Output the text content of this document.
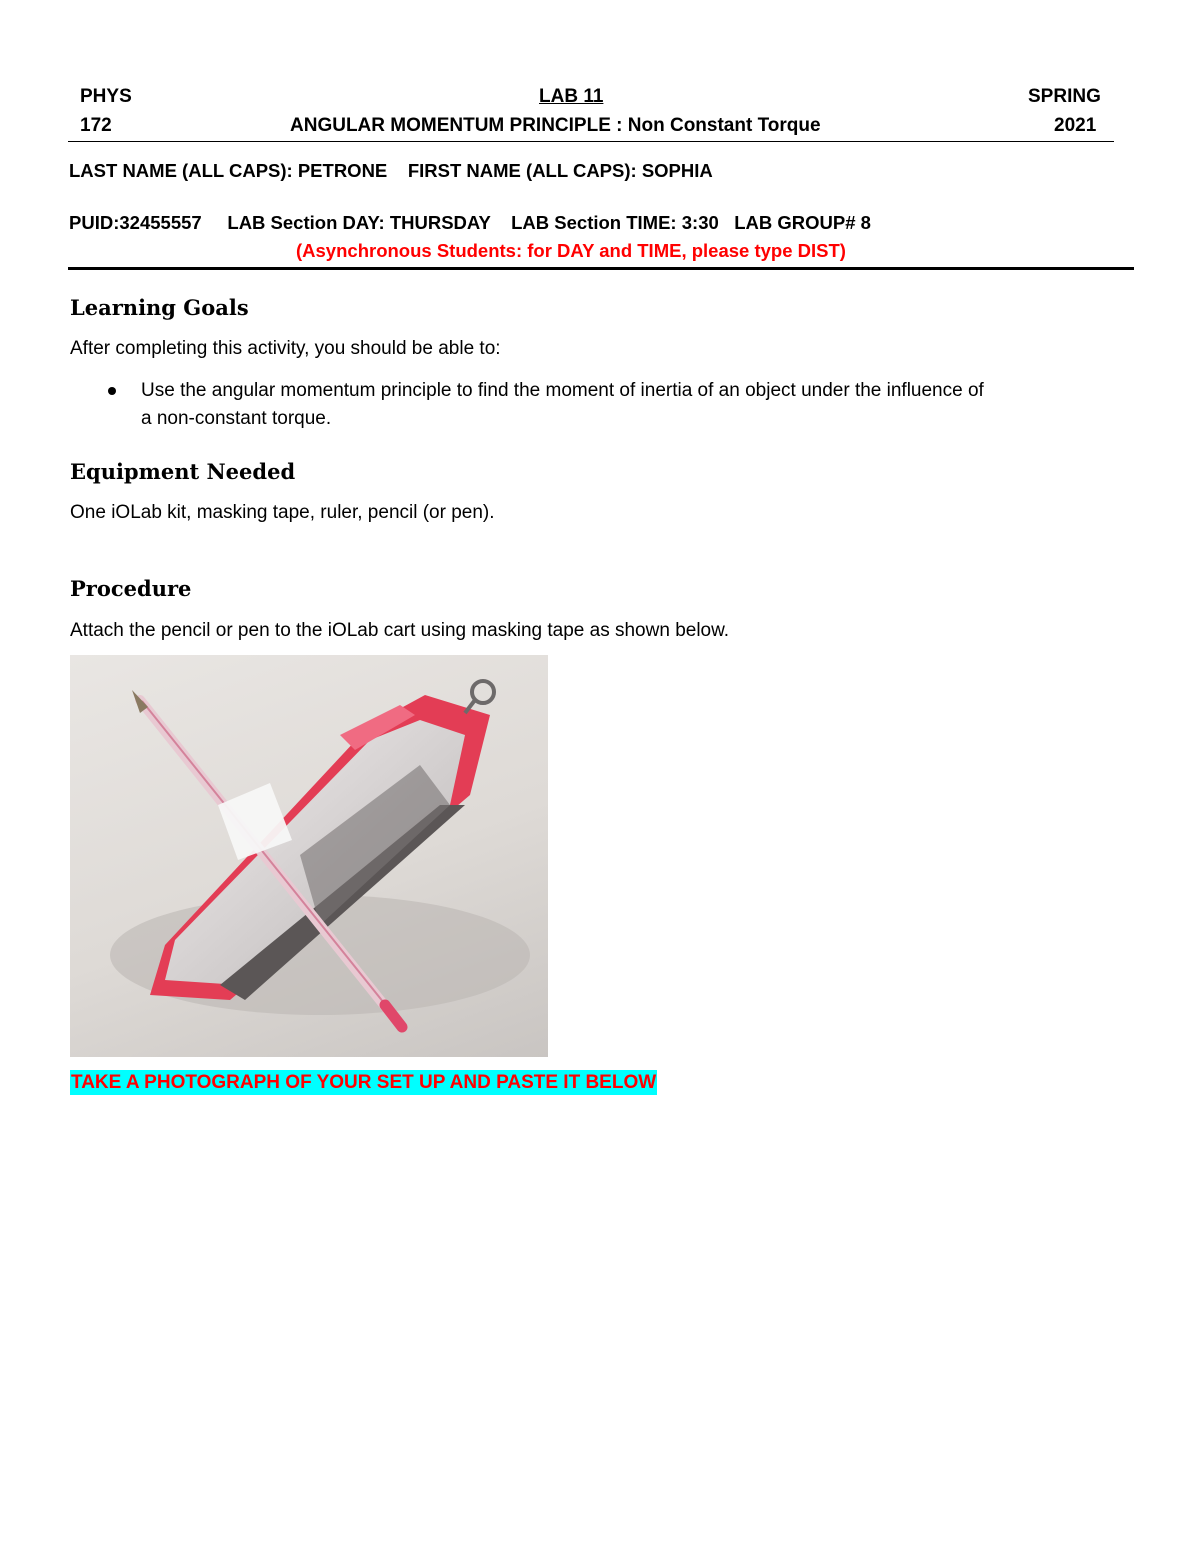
PHYS	LAB 11	SPRING
172	ANGULAR MOMENTUM PRINCIPLE : Non Constant Torque	2021
LAST NAME (ALL CAPS): PETRONE FIRST NAME (ALL CAPS): SOPHIA
PUID:32455557 LAB Section DAY: THURSDAY LAB Section TIME: 3:30 LAB GROUP# 8
(Asynchronous Students: for DAY and TIME, please type DIST)
Learning Goals
After completing this activity, you should be able to:
Use the angular momentum principle to find the moment of inertia of an object under the influence of
a non-constant torque.
Equipment Needed
One iOLab kit, masking tape, ruler, pencil (or pen).
Procedure
Attach the pencil or pen to the iOLab cart using masking tape as shown below.
TAKE A PHOTOGRAPH OF YOUR SET UP AND PASTE IT BELOW
